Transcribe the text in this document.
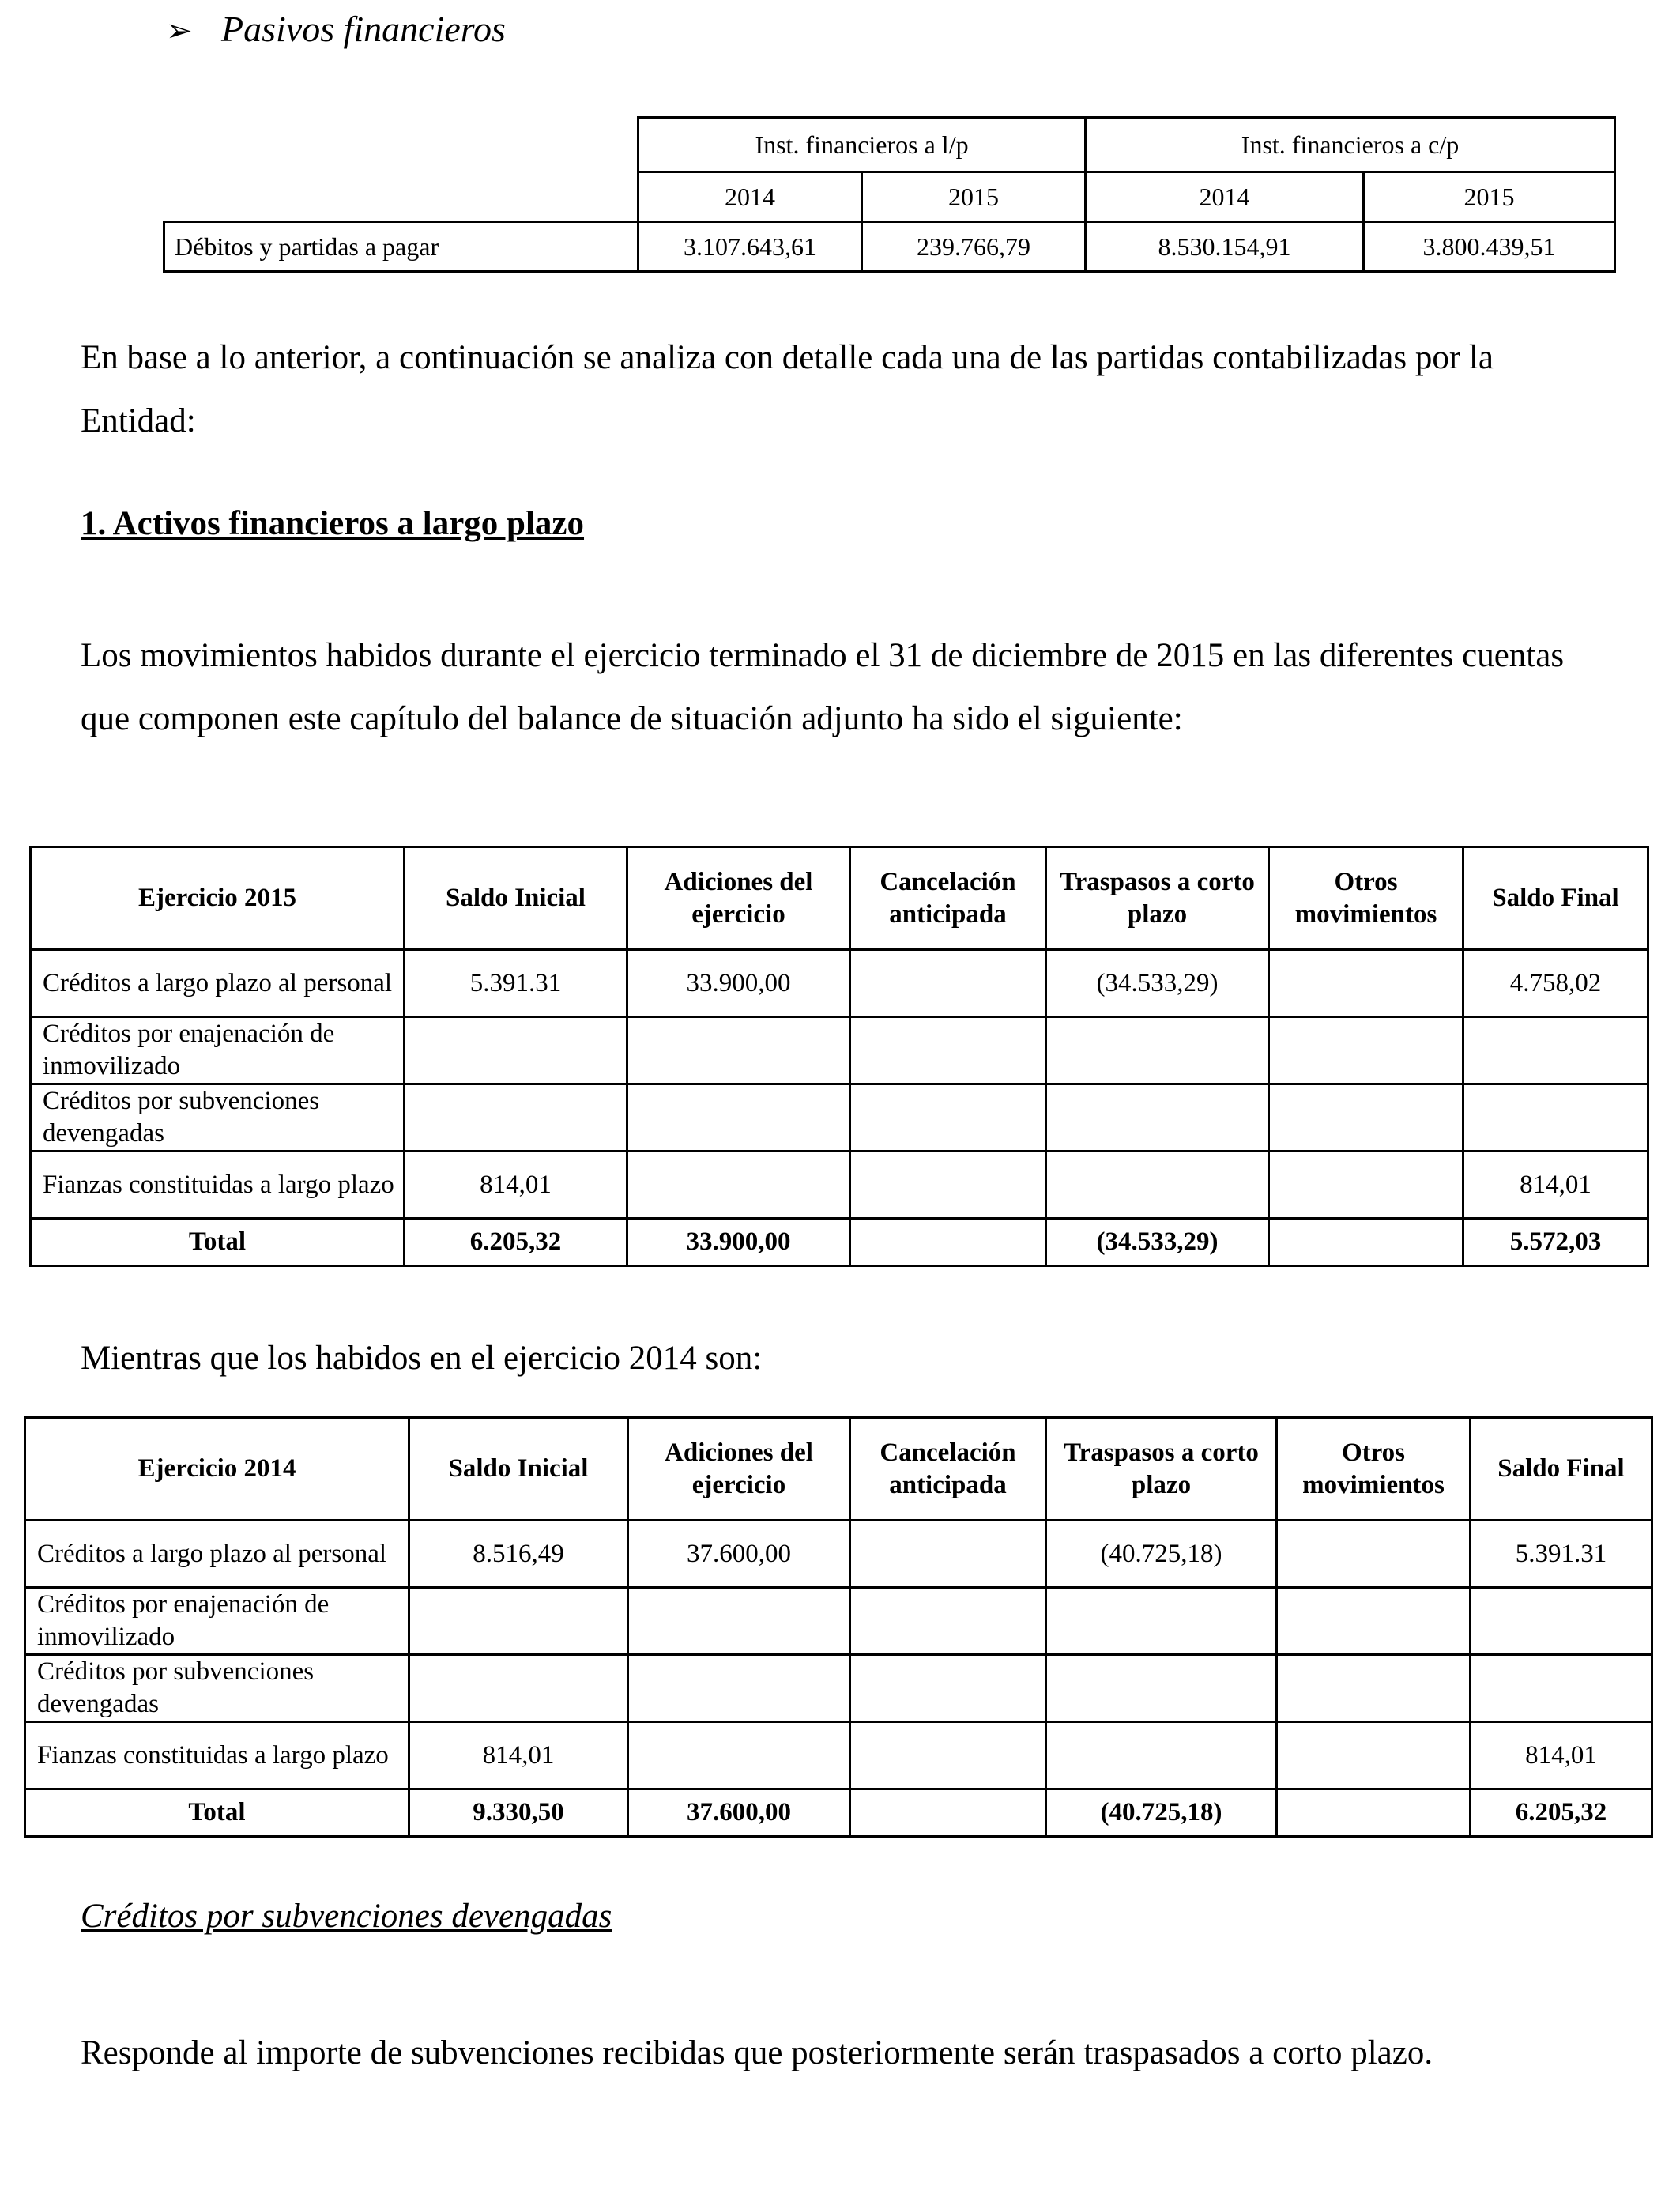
➢ Pasivos financieros
	Inst. financieros a l/p		Inst. financieros a c/p	
	2014	2015	2014	2015
Débitos y partidas a pagar	3.107.643,61	239.766,79	8.530.154,91	3.800.439,51
En base a lo anterior, a continuación se analiza con detalle cada una de las partidas contabilizadas por la Entidad:
1. Activos financieros a largo plazo
Los movimientos habidos durante el ejercicio terminado el 31 de diciembre de 2015 en las diferentes cuentas que componen este capítulo del balance de situación adjunto ha sido el siguiente:
Ejercicio 2015	Saldo Inicial	Adiciones del ejercicio	Cancelación anticipada	Traspasos a corto plazo	Otros movimientos	Saldo Final
Créditos a largo plazo al personal	5.391.31	33.900,00		(34.533,29)		4.758,02
Créditos por enajenación de inmovilizado						
Créditos por subvenciones devengadas						
Fianzas constituidas a largo plazo	814,01					814,01
Total	6.205,32	33.900,00		(34.533,29)		5.572,03
Mientras que los habidos en el ejercicio 2014 son:
Ejercicio 2014	Saldo Inicial	Adiciones del ejercicio	Cancelación anticipada	Traspasos a corto plazo	Otros movimientos	Saldo Final
Créditos a largo plazo al personal	8.516,49	37.600,00		(40.725,18)		5.391.31
Créditos por enajenación de inmovilizado						
Créditos por subvenciones devengadas						
Fianzas constituidas a largo plazo	814,01					814,01
Total	9.330,50	37.600,00		(40.725,18)		6.205,32
Créditos por subvenciones devengadas
Responde al importe de subvenciones recibidas que posteriormente serán traspasados a corto plazo.
